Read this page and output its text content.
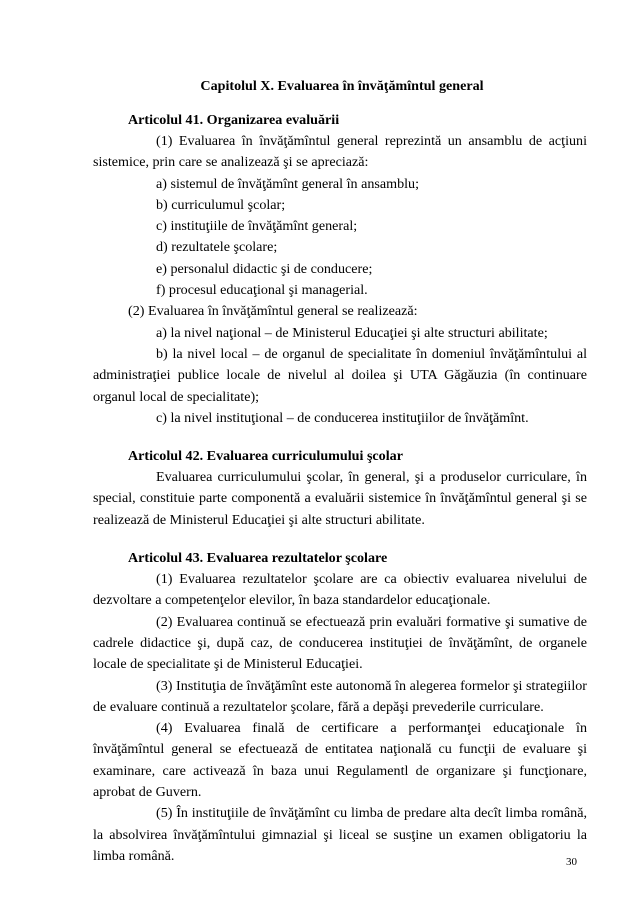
Capitolul X. Evaluarea în învăţămîntul general

Articolul 41. Organizarea evaluării

(1) Evaluarea în învăţămîntul general reprezintă un ansamblu de acţiuni sistemice, prin care se analizează şi se apreciază:

a) sistemul de învăţămînt general în ansamblu;

b) curriculumul şcolar;

c) instituţiile de învăţămînt general;

d) rezultatele şcolare;

e) personalul didactic şi de conducere;

f) procesul educaţional şi managerial.

(2) Evaluarea în învăţămîntul general se realizează:

a) la nivel naţional – de Ministerul Educaţiei şi alte structuri abilitate;

b) la nivel local – de organul de specialitate în domeniul învăţămîntului al administraţiei publice locale de nivelul al doilea şi UTA Găgăuzia (în continuare organul local de specialitate);

c) la nivel instituţional – de conducerea instituţiilor de învăţămînt.

Articolul 42. Evaluarea curriculumului şcolar

Evaluarea curriculumului şcolar, în general, şi a produselor curriculare, în special, constituie parte componentă a evaluării sistemice în învăţămîntul general şi se realizează de Ministerul Educaţiei şi alte structuri abilitate.

Articolul 43. Evaluarea rezultatelor şcolare

(1) Evaluarea rezultatelor şcolare are ca obiectiv evaluarea nivelului de dezvoltare a competenţelor elevilor, în baza standardelor educaţionale.

(2) Evaluarea continuă se efectuează prin evaluări formative şi sumative de cadrele didactice şi, după caz, de conducerea instituţiei de învăţămînt, de organele locale de specialitate şi de Ministerul Educaţiei.

(3) Instituţia de învăţămînt este autonomă în alegerea formelor şi strategiilor de evaluare continuă a rezultatelor şcolare, fără a depăşi prevederile curriculare.

(4) Evaluarea finală de certificare a performanţei educaţionale în învăţămîntul general se efectuează de entitatea naţională cu funcţii de evaluare şi examinare, care activează în baza unui Regulamentl de organizare şi funcţionare, aprobat de Guvern.

(5) În instituţiile de învăţămînt cu limba de predare alta decît limba română, la absolvirea învăţămîntului gimnazial şi liceal se susţine un examen obligatoriu la limba română.	30
